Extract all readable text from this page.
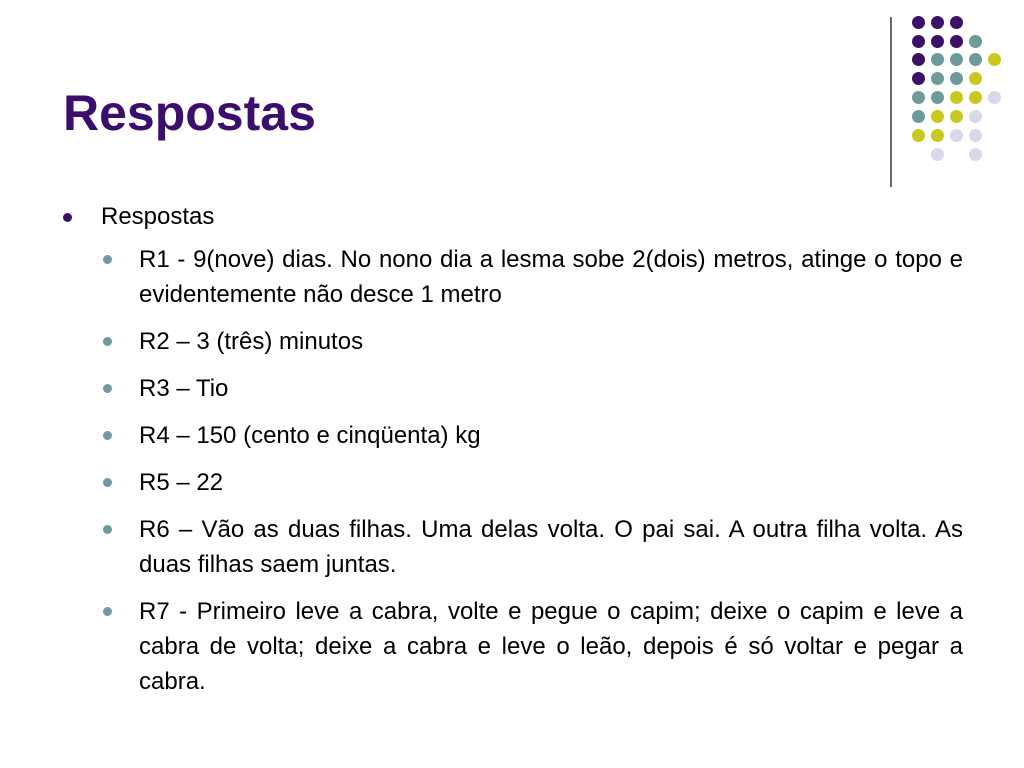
Respostas
Respostas
R1 - 9(nove) dias. No nono dia a lesma sobe 2(dois) metros, atinge o topo e evidentemente não desce 1 metro
R2 – 3 (três) minutos
R3 – Tio
R4 – 150 (cento e cinqüenta) kg
R5 – 22
R6 – Vão as duas filhas. Uma delas volta. O pai sai. A outra filha volta. As duas filhas saem juntas.
R7 - Primeiro leve a cabra, volte e pegue o capim; deixe o capim e leve a cabra de volta; deixe a cabra e leve o leão, depois é só voltar e pegar a cabra.
